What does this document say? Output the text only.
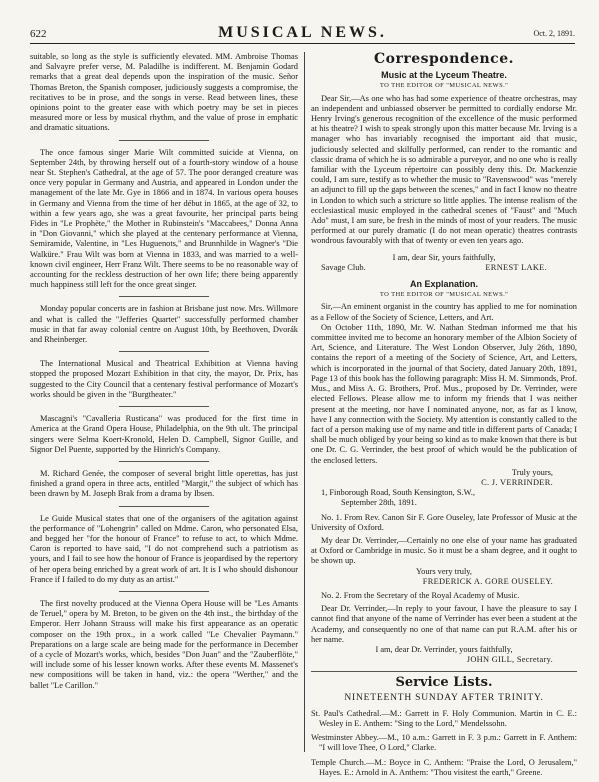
622	MUSICAL NEWS.	Oct. 2, 1891.

suitable, so long as the style is sufficiently elevated. MM. Ambroise Thomas and Salvayre prefer verse, M. Paladilhe is indifferent. M. Benjamin Godard remarks that a great deal depends upon the inspiration of the music. Señor Thomas Breton, the Spanish composer, judiciously suggests a compromise, the recitatives to be in prose, and the songs in verse. Read between lines, these opinions point to the greater ease with which poetry may be set in pieces measured more or less by musical rhythm, and the value of prose in emphatic and dramatic situations.

The once famous singer Marie Wilt committed suicide at Vienna, on September 24th, by throwing herself out of a fourth-story window of a house near St. Stephen's Cathedral, at the age of 57. The poor deranged creature was once very popular in Germany and Austria, and appeared in London under the management of the late Mr. Gye in 1866 and in 1874. In various opera houses in Germany and Vienna from the time of her début in 1865, at the age of 32, to within a few years ago, she was a great favourite, her principal parts being Fides in "Le Prophète," the Mother in Rubinstein's "Maccabees," Donna Anna in "Don Giovanni," which she played at the centenary performance at Vienna, Semiramide, Valentine, in "Les Huguenots," and Brunnhilde in Wagner's "Die Walküre." Frau Wilt was born at Vienna in 1833, and was married to a well-known civil engineer, Herr Franz Wilt. There seems to be no reasonable way of accounting for the reckless destruction of her own life; there being apparently much happiness still left for the once great singer.

Monday popular concerts are in fashion at Brisbane just now. Mrs. Willmore and what is called the "Jefferies Quartet" successfully performed chamber music in that far away colonial centre on August 10th, by Beethoven, Dvorák and Rheinberger.

The International Musical and Theatrical Exhibition at Vienna having stopped the proposed Mozart Exhibition in that city, the mayor, Dr. Prix, has suggested to the City Council that a centenary festival performance of Mozart's works should be given in the "Burgtheater."

Mascagni's "Cavalleria Rusticana" was produced for the first time in America at the Grand Opera House, Philadelphia, on the 9th ult. The principal singers were Selma Koert-Kronold, Helen D. Campbell, Signor Guille, and Signor Del Puente, supported by the Hinrich's Company.

M. Richard Genée, the composer of several bright little operettas, has just finished a grand opera in three acts, entitled "Margit," the subject of which has been drawn by M. Joseph Brak from a drama by Ibsen.

Le Guide Musical states that one of the organisers of the agitation against the performance of "Lohengrin" called on Mdme. Caron, who personated Elsa, and begged her "for the honour of France" to refuse to act, to which Mdme. Caron is reported to have said, "I do not comprehend such a patriotism as yours, and I fail to see how the honour of France is jeopardised by the repertory of her opera being enriched by a great work of art. It is I who should dishonour France if I failed to do my duty as an artist."

The first novelty produced at the Vienna Opera House will be "Les Amants de Teruel," opera by M. Breton, to be given on the 4th inst., the birthday of the Emperor. Herr Johann Strauss will make his first appearance as an operatic composer on the 19th prox., in a work called "Le Chevalier Paymann." Preparations on a large scale are being made for the performance in December of a cycle of Mozart's works, which, besides "Don Juan" and the "Zauberflöte," will include some of his lesser known works. After these events M. Massenet's new compositions will be taken in hand, viz.: the opera "Werther," and the ballet "Le Carillon."

Correspondence.
Music at the Lyceum Theatre.
TO THE EDITOR OF "MUSICAL NEWS."

Dear Sir,—As one who has had some experience of theatre orchestras, may an independent and unbiassed observer be permitted to cordially endorse Mr. Henry Irving's generous recognition of the excellence of the music performed at his theatre? I wish to speak strongly upon this matter because Mr. Irving is a manager who has invariably recognised the important aid that music, judiciously selected and skilfully performed, can render to the romantic and classic drama of which he is so admirable a purveyor, and no one who is really familiar with the Lyceum répertoire can possibly deny this. Dr. Mackenzie could, I am sure, testify as to whether the music to "Ravenswood" was "merely an adjunct to fill up the gaps between the scenes," and in fact I know no theatre in London to which such a stricture so little applies. The intense realism of the ecclesiastical music employed in the cathedral scenes of "Faust" and "Much Ado" must, I am sure, be fresh in the minds of most of your readers. The music performed at our purely dramatic (I do not mean operatic) theatres contrasts wondrous favourably with that of twenty or even ten years ago.

I am, dear Sir, yours faithfully,
Savage Club.	ERNEST LAKE.
An Explanation.
TO THE EDITOR OF "MUSICAL NEWS."

Sir,—An eminent organist in the country has applied to me for nomination as a Fellow of the Society of Science, Letters, and Art.

On October 11th, 1890, Mr. W. Nathan Stedman informed me that his committee invited me to become an honorary member of the Albion Society of Art, Science, and Literature. The West London Observer, July 26th, 1890, contains the report of a meeting of the Society of Science, Art, and Letters, which is incorporated in the journal of that Society, dated January 20th, 1891, Page 13 of this book has the following paragraph: Miss H. M. Simmonds, Prof. Mus., and Miss A. G. Brothers, Prof. Mus., proposed by Dr. Verrinder, were elected Fellows. Please allow me to inform my friends that I was neither present at the meeting, nor have I nominated anyone, nor, as far as I know, have I any connection with the Society. My attention is constantly called to the fact of a person making use of my name and title in different parts of Canada; I shall be much obliged by your being so kind as to make known that there is but one Dr. C. G. Verrinder, the best proof of which would be the publication of the enclosed letters.

Truly yours,
C. J. VERRINDER.
1, Finborough Road, South Kensington, S.W.,
September 28th, 1891.

No. 1. From Rev. Canon Sir F. Gore Ouseley, late Professor of Music at the University of Oxford.

My dear Dr. Verrinder,—Certainly no one else of your name has graduated at Oxford or Cambridge in music. So it must be a sham degree, and it ought to be shown up.

Yours very truly,
FREDERICK A. GORE OUSELEY.

No. 2. From the Secretary of the Royal Academy of Music.

Dear Dr. Verrinder,—In reply to your favour, I have the pleasure to say I cannot find that anyone of the name of Verrinder has ever been a student at the Academy, and consequently no one of that name can put R.A.M. after his or her name.

I am, dear Dr. Verrinder, yours faithfully,
JOHN GILL, Secretary.
Service Lists.
NINETEENTH SUNDAY AFTER TRINITY.
St. Paul's Cathedral.—M.: Garrett in F. Holy Communion. Martin in C. E.: Wesley in E. Anthem: "Sing to the Lord," Mendelssohn.
Westminster Abbey.—M., 10 a.m.: Garrett in F. 3 p.m.: Garrett in F. Anthem: "I will love Thee, O Lord," Clarke.
Temple Church.—M.: Boyce in C. Anthem: "Praise the Lord, O Jerusalem," Hayes. E.: Arnold in A. Anthem: "Thou visitest the earth," Greene.
